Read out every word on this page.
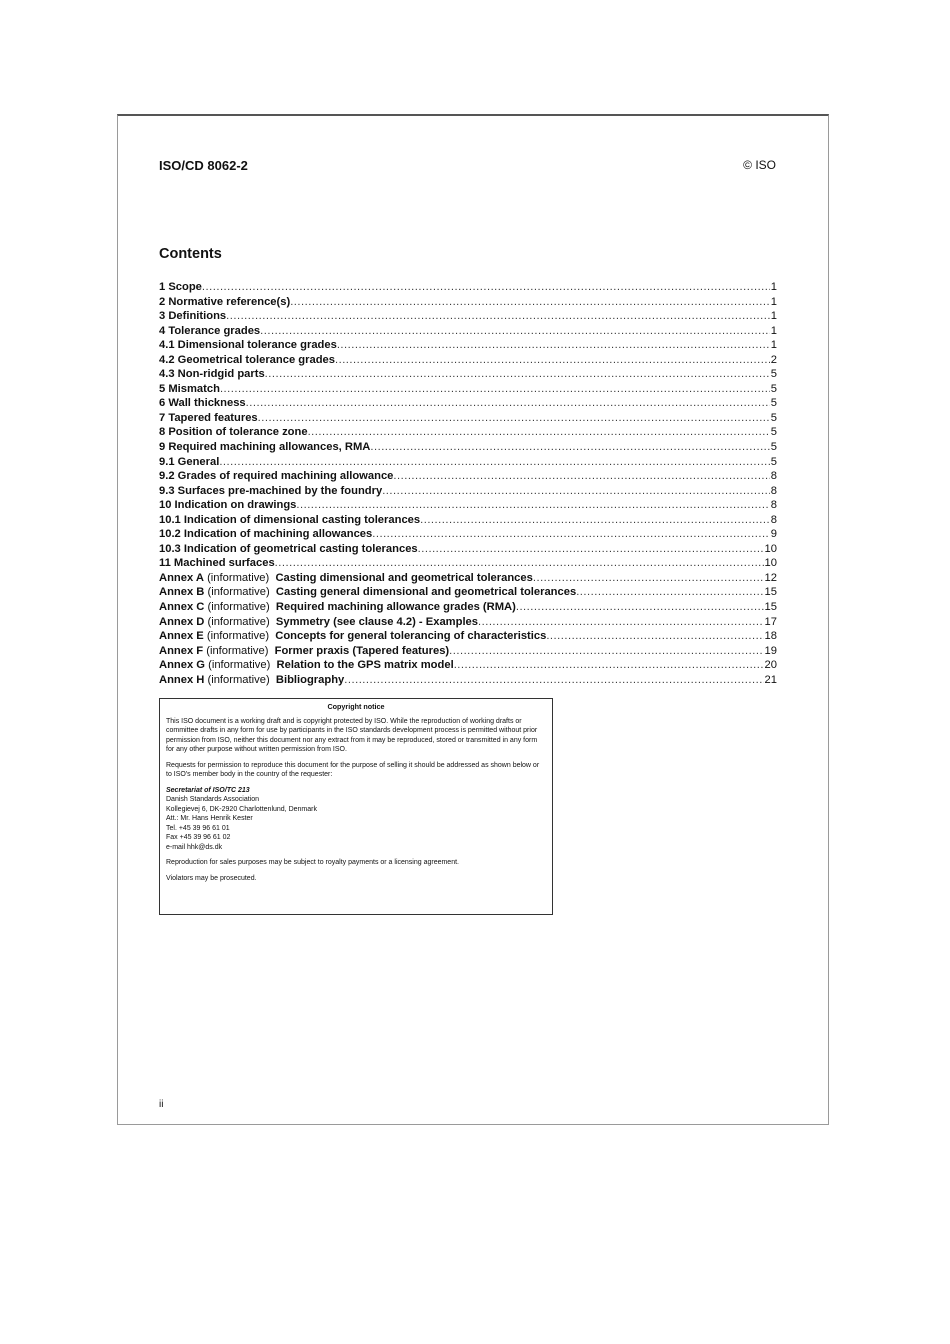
ISO/CD 8062-2	© ISO
Contents
1 Scope .....	1
2 Normative reference(s) .....	1
3 Definitions .....	1
4 Tolerance grades .....	1
4.1 Dimensional tolerance grades .....	1
4.2 Geometrical tolerance grades .....	2
4.3 Non-ridgid parts .....	5
5 Mismatch .....	5
6 Wall thickness .....	5
7 Tapered features .....	5
8 Position of tolerance zone .....	5
9 Required machining allowances, RMA .....	5
9.1 General .....	5
9.2 Grades of required machining allowance .....	8
9.3 Surfaces pre-machined by the foundry .....	8
10 Indication on drawings .....	8
10.1 Indication of dimensional casting tolerances .....	8
10.2 Indication of machining allowances .....	9
10.3 Indication of geometrical casting tolerances .....	10
11 Machined surfaces .....	10
Annex A (informative)  Casting dimensional and geometrical tolerances .....	12
Annex B (informative)  Casting general dimensional and geometrical tolerances .....	15
Annex C (informative)  Required machining allowance grades (RMA) .....	15
Annex D (informative)  Symmetry (see clause 4.2) - Examples .....	17
Annex E (informative)  Concepts for general tolerancing of characteristics .....	18
Annex F (informative)  Former praxis (Tapered features) .....	19
Annex G (informative)  Relation to the GPS matrix model .....	20
Annex H (informative)  Bibliography .....	21
Copyright notice

This ISO document is a working draft and is copyright protected by ISO. While the reproduction of working drafts or committee drafts in any form for use by participants in the ISO standards development process is permitted without prior permission from ISO, neither this document nor any extract from it may be reproduced, stored or transmitted in any form for any other purpose without written permission from ISO.

Requests for permission to reproduce this document for the purpose of selling it should be addressed as shown below or to ISO's member body in the country of the requester:

Secretariat of ISO/TC 213
Danish Standards Association
Kollegievej 6, DK-2920 Charlottenlund, Denmark
Att.: Mr. Hans Henrik Kester
Tel. +45 39 96 61 01
Fax +45 39 96 61 02
e-mail hhk@ds.dk

Reproduction for sales purposes may be subject to royalty payments or a licensing agreement.

Violators may be prosecuted.

ii
